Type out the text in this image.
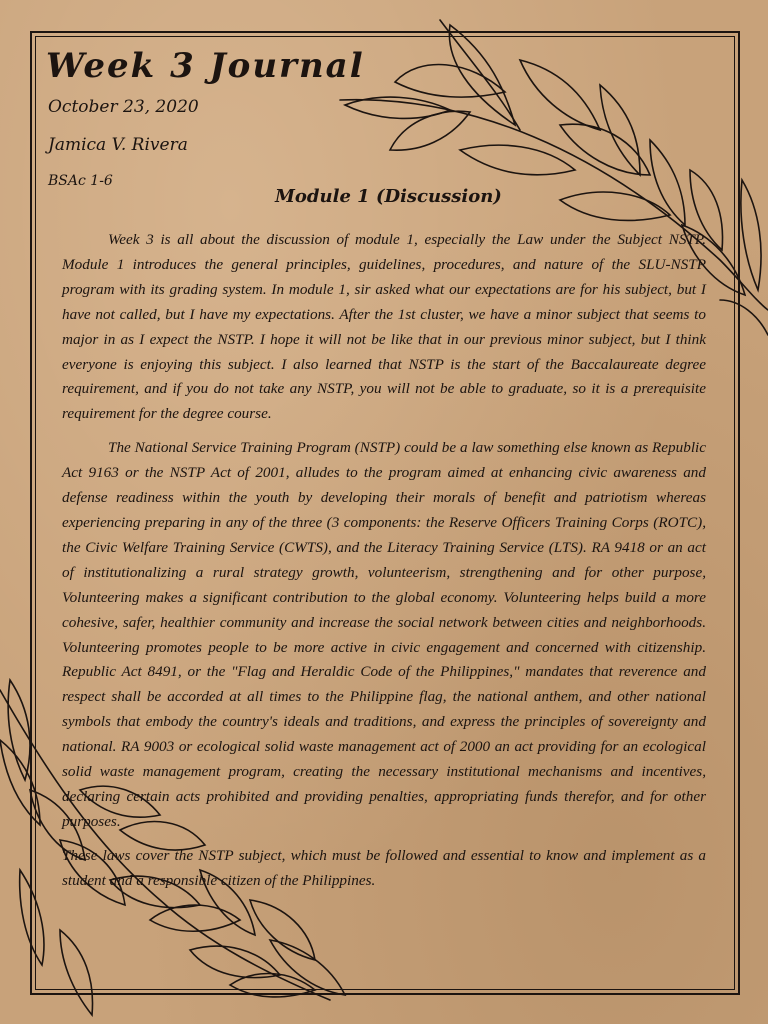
Week 3 Journal

October 23, 2020

Jamica V. Rivera

BSAc 1-6

Module 1 (Discussion)

Week 3 is all about the discussion of module 1, especially the Law under the Subject NSTP. Module 1 introduces the general principles, guidelines, procedures, and nature of the SLU-NSTP program with its grading system. In module 1, sir asked what our expectations are for his subject, but I have not called, but I have my expectations. After the 1st cluster, we have a minor subject that seems to major in as I expect the NSTP. I hope it will not be like that in our previous minor subject, but I think everyone is enjoying this subject. I also learned that NSTP is the start of the Baccalaureate degree requirement, and if you do not take any NSTP, you will not be able to graduate, so it is a prerequisite requirement for the degree course.

The National Service Training Program (NSTP) could be a law something else known as Republic Act 9163 or the NSTP Act of 2001, alludes to the program aimed at enhancing civic awareness and defense readiness within the youth by developing their morals of benefit and patriotism whereas experiencing preparing in any of the three (3 components: the Reserve Officers Training Corps (ROTC), the Civic Welfare Training Service (CWTS), and the Literacy Training Service (LTS). RA 9418 or an act of institutionalizing a rural strategy growth, volunteerism, strengthening and for other purpose, Volunteering makes a significant contribution to the global economy. Volunteering helps build a more cohesive, safer, healthier community and increase the social network between cities and neighborhoods. Volunteering promotes people to be more active in civic engagement and concerned with citizenship. Republic Act 8491, or the "Flag and Heraldic Code of the Philippines," mandates that reverence and respect shall be accorded at all times to the Philippine flag, the national anthem, and other national symbols that embody the country's ideals and traditions, and express the principles of sovereignty and national. RA 9003 or ecological solid waste management act of 2000 an act providing for an ecological solid waste management program, creating the necessary institutional mechanisms and incentives, declaring certain acts prohibited and providing penalties, appropriating funds therefor, and for other purposes.

These laws cover the NSTP subject, which must be followed and essential to know and implement as a student and a responsible citizen of the Philippines.
